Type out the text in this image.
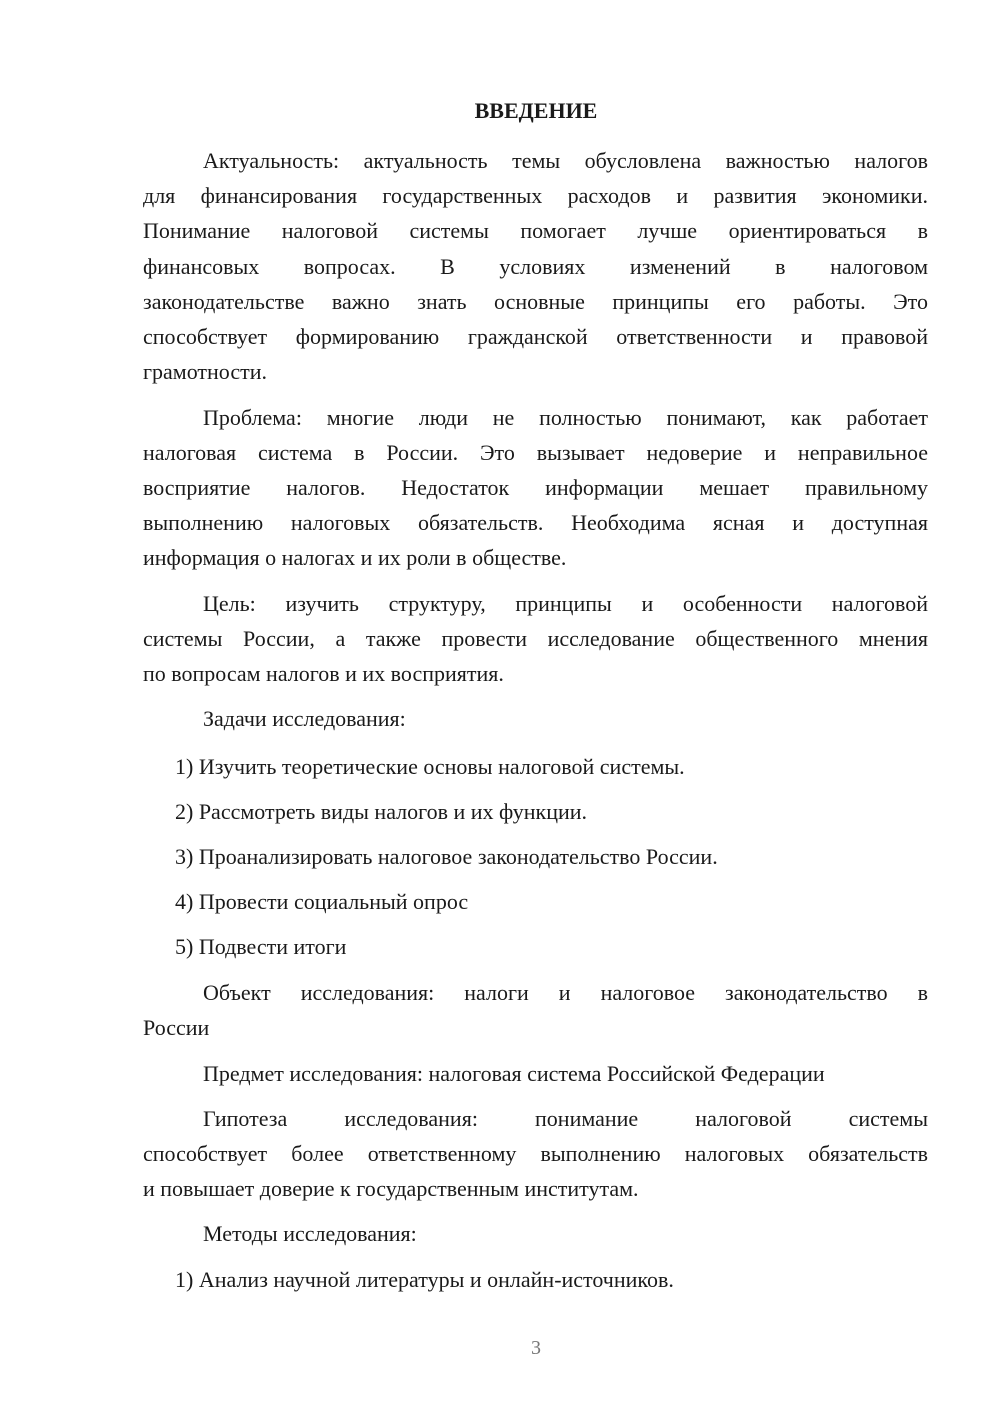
ВВЕДЕНИЕ
Актуальность: актуальность темы обусловлена важностью налогов
для финансирования государственных расходов и развития экономики.
Понимание налоговой системы помогает лучше ориентироваться в
финансовых вопросах. В условиях изменений в налоговом
законодательстве важно знать основные принципы его работы. Это
способствует формированию гражданской ответственности и правовой
грамотности.
Проблема: многие люди не полностью понимают, как работает
налоговая система в России. Это вызывает недоверие и неправильное
восприятие налогов. Недостаток информации мешает правильному
выполнению налоговых обязательств. Необходима ясная и доступная
информация о налогах и их роли в обществе.
Цель: изучить структуру, принципы и особенности налоговой
системы России, а также провести исследование общественного мнения
по вопросам налогов и их восприятия.
Задачи исследования:
1) Изучить теоретические основы налоговой системы.
2) Рассмотреть виды налогов и их функции.
3) Проанализировать налоговое законодательство России.
4) Провести социальный опрос
5) Подвести итоги
Объект исследования: налоги и налоговое законодательство в
России
Предмет исследования: налоговая система Российской Федерации
Гипотеза исследования: понимание налоговой системы
способствует более ответственному выполнению налоговых обязательств
и повышает доверие к государственным институтам.
Методы исследования:
1) Анализ научной литературы и онлайн-источников.
3
